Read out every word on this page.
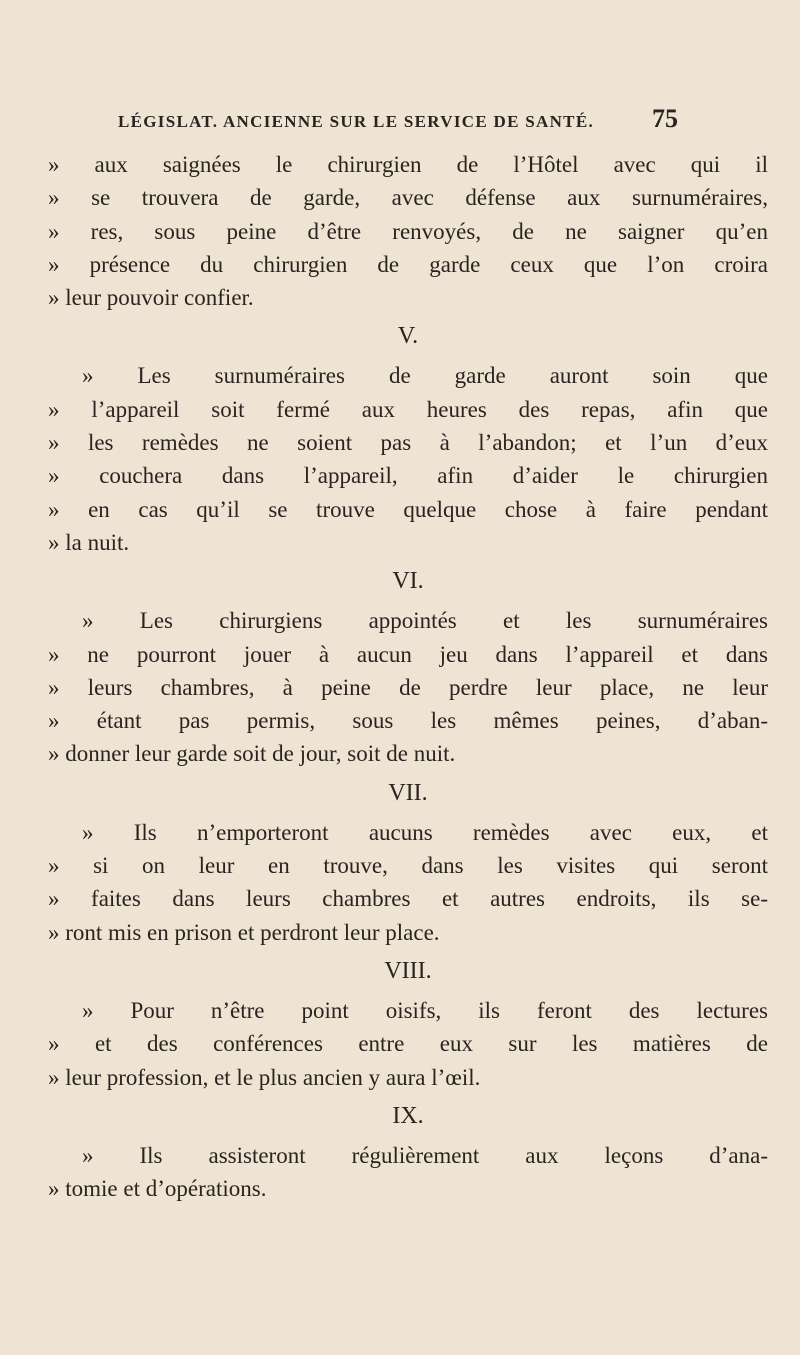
LÉGISLAT. ANCIENNE SUR LE SERVICE DE SANTÉ. 75
» aux saignées le chirurgien de l’Hôtel avec qui il
» se trouvera de garde, avec défense aux surnuméraires,
» res, sous peine d’être renvoyés, de ne saigner qu’en
» présence du chirurgien de garde ceux que l’on croira
» leur pouvoir confier.
V.
» Les surnuméraires de garde auront soin que
» l’appareil soit fermé aux heures des repas, afin que
» les remèdes ne soient pas à l’abandon; et l’un d’eux
» couchera dans l’appareil, afin d’aider le chirurgien
» en cas qu’il se trouve quelque chose à faire pendant
» la nuit.
VI.
» Les chirurgiens appointés et les surnuméraires
» ne pourront jouer à aucun jeu dans l’appareil et dans
» leurs chambres, à peine de perdre leur place, ne leur
» étant pas permis, sous les mêmes peines, d’aban-
» donner leur garde soit de jour, soit de nuit.
VII.
» Ils n’emporteront aucuns remèdes avec eux, et
» si on leur en trouve, dans les visites qui seront
» faites dans leurs chambres et autres endroits, ils se-
» ront mis en prison et perdront leur place.
VIII.
» Pour n’être point oisifs, ils feront des lectures
» et des conférences entre eux sur les matières de
» leur profession, et le plus ancien y aura l’œil.
IX.
» Ils assisteront régulièrement aux leçons d’ana-
» tomie et d’opérations.
